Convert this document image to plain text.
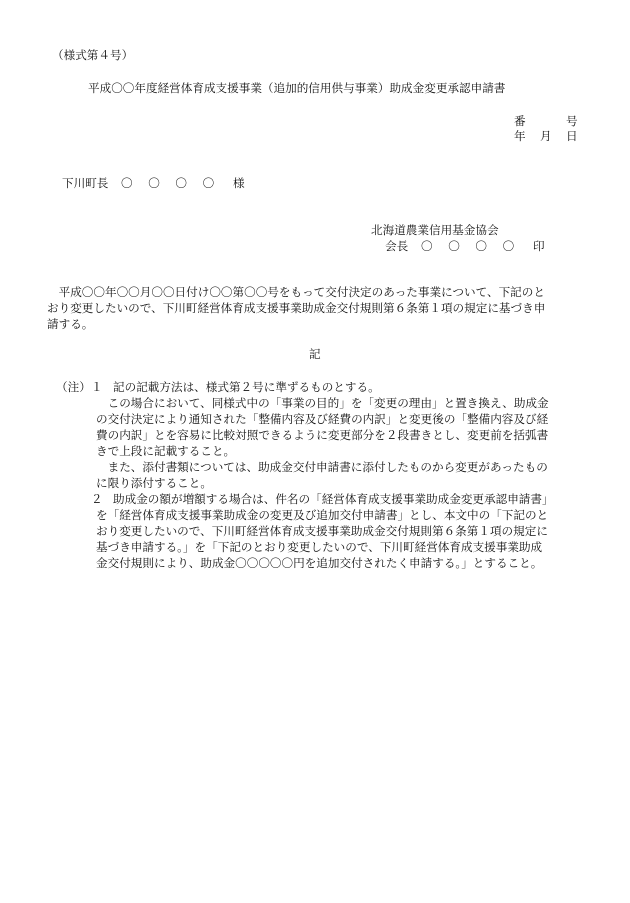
（様式第４号）
平成〇〇年度経営体育成支援事業（追加的信用供与事業）助成金変更承認申請書
番	号
年 月 日
下川町長 〇　〇　〇　〇 様
北海道農業信用基金協会
会長 〇　〇　〇　〇 印
　平成〇〇年〇〇月〇〇日付け〇〇第〇〇号をもって交付決定のあった事業について、下記のと
おり変更したいので、下川町経営体育成支援事業助成金交付規則第６条第１項の規定に基づき申
請する。
記
（注） １ 記の記載方法は、様式第２号に準ずるものとする。
　この場合において、同様式中の「事業の目的」を「変更の理由」と置き換え、助成金
の交付決定により通知された「整備内容及び経費の内訳」と変更後の「整備内容及び経
費の内訳」とを容易に比較対照できるように変更部分を２段書きとし、変更前を括弧書
きで上段に記載すること。
　また、添付書類については、助成金交付申請書に添付したものから変更があったもの
に限り添付すること。
２ 助成金の額が増額する場合は、件名の「経営体育成支援事業助成金変更承認申請書」
を「経営体育成支援事業助成金の変更及び追加交付申請書」とし、本文中の「下記のと
おり変更したいので、下川町経営体育成支援事業助成金交付規則第６条第１項の規定に
基づき申請する。」を「下記のとおり変更したいので、下川町経営体育成支援事業助成
金交付規則により、助成金〇〇〇〇〇円を追加交付されたく申請する。」とすること。
